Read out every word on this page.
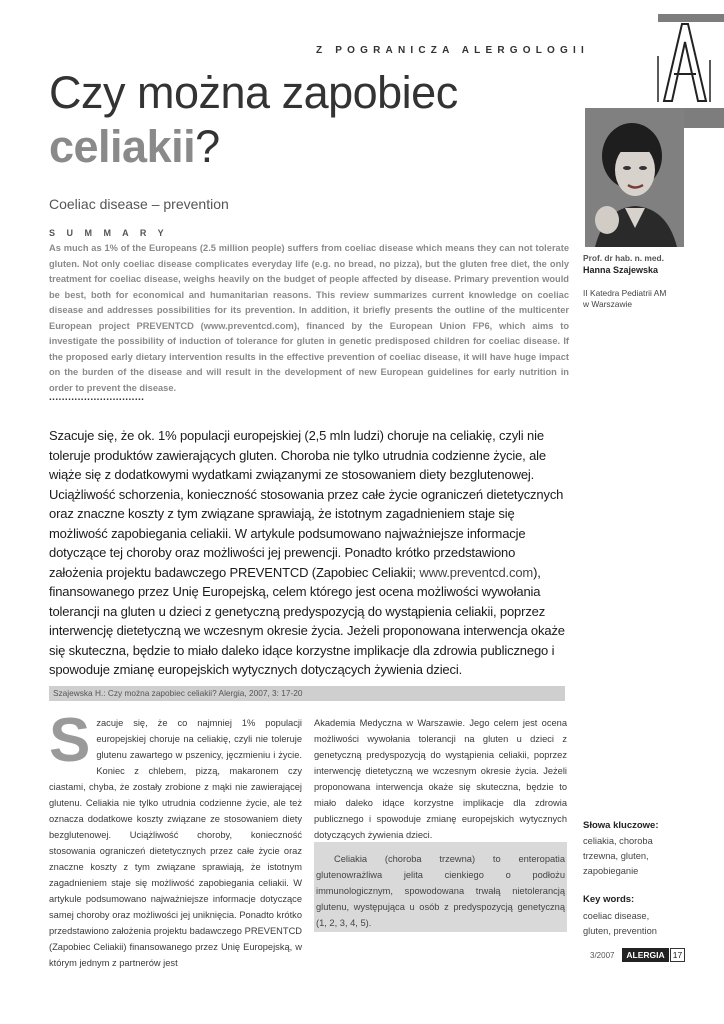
Z POGRANICZA ALERGOLOGII
Czy można zapobiec
celiakii?
Coeliac disease – prevention
S U M M A R Y
As much as 1% of the Europeans (2.5 million people) suffers from coeliac disease which means they can not tolerate gluten. Not only coeliac disease complicates everyday life (e.g. no bread, no pizza), but the gluten free diet, the only treatment for coeliac disease, weighs heavily on the budget of people affected by disease. Primary prevention would be best, both for economical and humanitarian reasons. This review summarizes current knowledge on coeliac disease and addresses possibilities for its prevention. In addition, it briefly presents the outline of the multicenter European project PREVENTCD (www.preventcd.com), financed by the European Union FP6, which aims to investigate the possibility of induction of tolerance for gluten in genetic predisposed children for coeliac disease. If the proposed early dietary intervention results in the effective prevention of coeliac disease, it will have huge impact on the burden of the disease and will result in the development of new European guidelines for early nutrition in order to prevent the disease.
..............................
Szacuje się, że ok. 1% populacji europejskiej (2,5 mln ludzi) choruje na celiakię, czyli nie toleruje produktów zawierających gluten. Choroba nie tylko utrudnia codzienne życie, ale wiąże się z dodatkowymi wydatkami związanymi ze stosowaniem diety bezglutenowej. Uciążliwość schorzenia, konieczność stosowania przez całe życie ograniczeń dietetycznych oraz znaczne koszty z tym związane sprawiają, że istotnym zagadnieniem staje się możliwość zapobiegania celiakii. W artykule podsumowano najważniejsze informacje dotyczące tej choroby oraz możliwości jej prewencji. Ponadto krótko przedstawiono założenia projektu badawczego PREVENTCD (Zapobiec Celiakii; www.preventcd.com), finansowanego przez Unię Europejską, celem którego jest ocena możliwości wywołania tolerancji na gluten u dzieci z genetyczną predyspozycją do wystąpienia celiakii, poprzez interwencję dietetyczną we wczesnym okresie życia. Jeżeli proponowana interwencja okaże się skuteczna, będzie to miało daleko idące korzystne implikacje dla zdrowia publicznego i spowoduje zmianę europejskich wytycznych dotyczących żywienia dzieci.
Prof. dr hab. n. med.
Hanna Szajewska
II Katedra Pediatrii AM
w Warszawie
Szajewska H.: Czy można zapobiec celiakii? Alergia, 2007, 3: 17-20
Szacuje się, że co najmniej 1% populacji europejskiej choruje na celiakię, czyli nie toleruje glutenu zawartego w pszenicy, jęczmieniu i życie. Koniec z chlebem, pizzą, makaronem czy ciastami, chyba, że zostały zrobione z mąki nie zawierającej glutenu. Celiakia nie tylko utrudnia codzienne życie, ale też oznacza dodatkowe koszty związane ze stosowaniem diety bezglutenowej. Uciążliwość choroby, konieczność stosowania ograniczeń dietetycznych przez całe życie oraz znaczne koszty z tym związane sprawiają, że istotnym zagadnieniem staje się możliwość zapobiegania celiakii. W artykule podsumowano najważniejsze informacje dotyczące samej choroby oraz możliwości jej uniknięcia. Ponadto krótko przedstawiono założenia projektu badawczego PREVENTCD (Zapobiec Celiakii) finansowanego przez Unię Europejską, w którym jednym z partnerów jest
Akademia Medyczna w Warszawie. Jego celem jest ocena możliwości wywołania tolerancji na gluten u dzieci z genetyczną predyspozycją do wystąpienia celiakii, poprzez interwencję dietetyczną we wczesnym okresie życia. Jeżeli proponowana interwencja okaże się skuteczna, będzie to miało daleko idące korzystne implikacje dla zdrowia publicznego i spowoduje zmianę europejskich wytycznych dotyczących żywienia dzieci.
Celiakia (choroba trzewna) to enteropatia glutenowrażliwa jelita cienkiego o podłożu immunologicznym, spowodowana trwałą nietolerancją glutenu, występująca u osób z predyspozycją genetyczną (1, 2, 3, 4, 5).
Słowa kluczowe:
celiakia, choroba
trzewna, gluten,
zapobieganie
Key words:
coeliac disease,
gluten, prevention
3/2007	ALERGIA 17
